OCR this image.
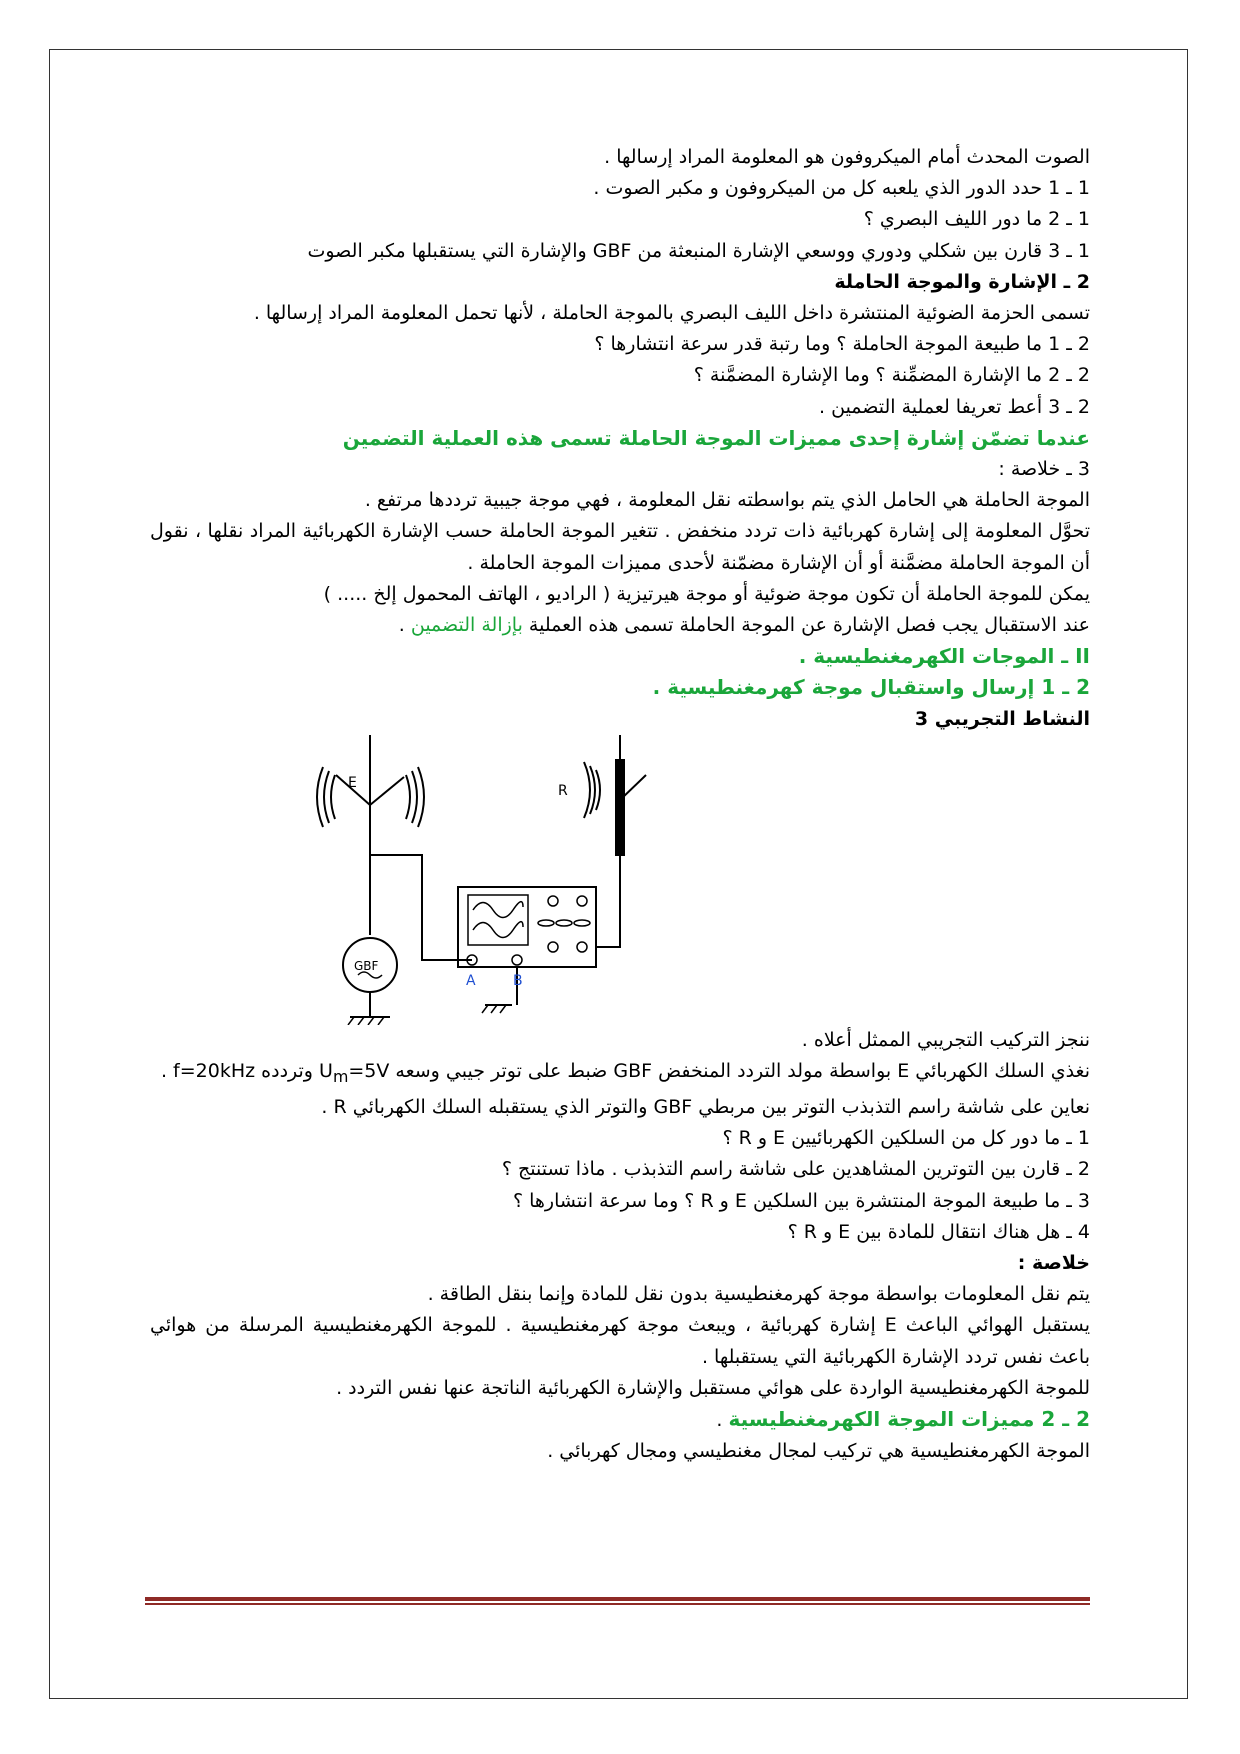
الصوت المحدث أمام الميكروفون هو المعلومة المراد إرسالها .

1 ـ 1 حدد الدور الذي يلعبه كل من الميكروفون و مكبر الصوت .

1 ـ 2 ما دور الليف البصري ؟

1 ـ 3 قارن بين شكلي ودوري ووسعي الإشارة المنبعثة من GBF والإشارة التي يستقبلها مكبر الصوت

2 ـ الإشارة والموجة الحاملة

تسمى الحزمة الضوئية المنتشرة داخل الليف البصري بالموجة الحاملة ، لأنها تحمل المعلومة المراد إرسالها .

2 ـ 1 ما طبيعة الموجة الحاملة ؟ وما رتبة قدر سرعة انتشارها ؟

2 ـ 2 ما الإشارة المضمِّنة ؟ وما الإشارة المضمَّنة ؟

2 ـ 3 أعط تعريفا لعملية التضمين .

عندما تضمّن إشارة إحدى مميزات الموجة الحاملة تسمى هذه العملية التضمين

3 ـ خلاصة :

الموجة الحاملة هي الحامل الذي يتم بواسطته نقل المعلومة ، فهي موجة جيبية ترددها مرتفع .

تحوَّل المعلومة إلى إشارة كهربائية ذات تردد منخفض . تتغير الموجة الحاملة حسب الإشارة الكهربائية المراد نقلها ، نقول أن الموجة الحاملة مضمَّنة أو أن الإشارة مضمّنة لأحدى مميزات الموجة الحاملة .

يمكن للموجة الحاملة أن تكون موجة ضوئية أو موجة هيرتيزية ( الراديو ، الهاتف المحمول إلخ ..... )

عند الاستقبال يجب فصل الإشارة عن الموجة الحاملة تسمى هذه العملية بإزالة التضمين .

II ـ الموجات الكهرمغنطيسية .

2 ـ 1 إرسال واستقبال موجة كهرمغنطيسية .

النشاط التجريبي 3

E	R
GBF
A	B

ننجز التركيب التجريبي الممثل أعلاه .

نغذي السلك الكهربائي E بواسطة مولد التردد المنخفض GBF ضبط على توتر جيبي وسعه $U_m=5V$ وتردده f=20kHz .

نعاين على شاشة راسم التذبذب التوتر بين مربطي GBF والتوتر الذي يستقبله السلك الكهربائي R .

1 ـ ما دور كل من السلكين الكهربائيين E و R ؟

2 ـ قارن بين التوترين المشاهدين على شاشة راسم التذبذب . ماذا تستنتج ؟

3 ـ ما طبيعة الموجة المنتشرة بين السلكين E و R ؟ وما سرعة انتشارها ؟

4 ـ هل هناك انتقال للمادة بين E و R ؟

خلاصة :

يتم نقل المعلومات بواسطة موجة كهرمغنطيسية بدون نقل للمادة وإنما بنقل الطاقة .

يستقبل الهوائي الباعث E إشارة كهربائية ، ويبعث موجة كهرمغنطيسية . للموجة الكهرمغنطيسية المرسلة من هوائي باعث نفس تردد الإشارة الكهربائية التي يستقبلها .

للموجة الكهرمغنطيسية الواردة على هوائي مستقبل والإشارة الكهربائية الناتجة عنها نفس التردد .

2 ـ 2 مميزات الموجة الكهرمغنطيسية .

الموجة الكهرمغنطيسية هي تركيب لمجال مغنطيسي ومجال كهربائي .
